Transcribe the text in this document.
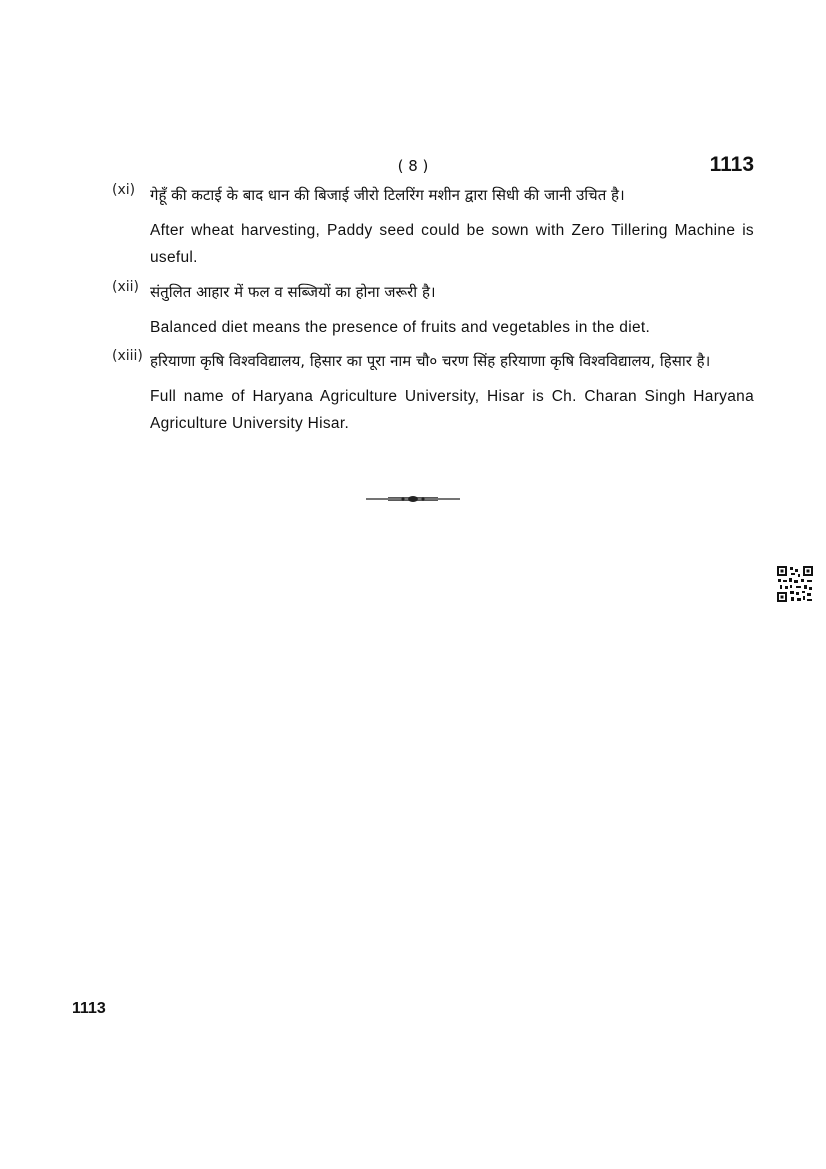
( 8 )	1113
(xi) गेहूँ की कटाई के बाद धान की बिजाई जीरो टिलरिंग मशीन द्वारा सिधी की जानी उचित है।
After wheat harvesting, Paddy seed could be sown with Zero Tillering Machine is useful.
(xii) संतुलित आहार में फल व सब्जियों का होना जरूरी है।
Balanced diet means the presence of fruits and vegetables in the diet.
(xiii) हरियाणा कृषि विश्वविद्यालय, हिसार का पूरा नाम चौ० चरण सिंह हरियाणा कृषि विश्वविद्यालय, हिसार है।
Full name of Haryana Agriculture University, Hisar is Ch. Charan Singh Haryana Agriculture University Hisar.
1113
